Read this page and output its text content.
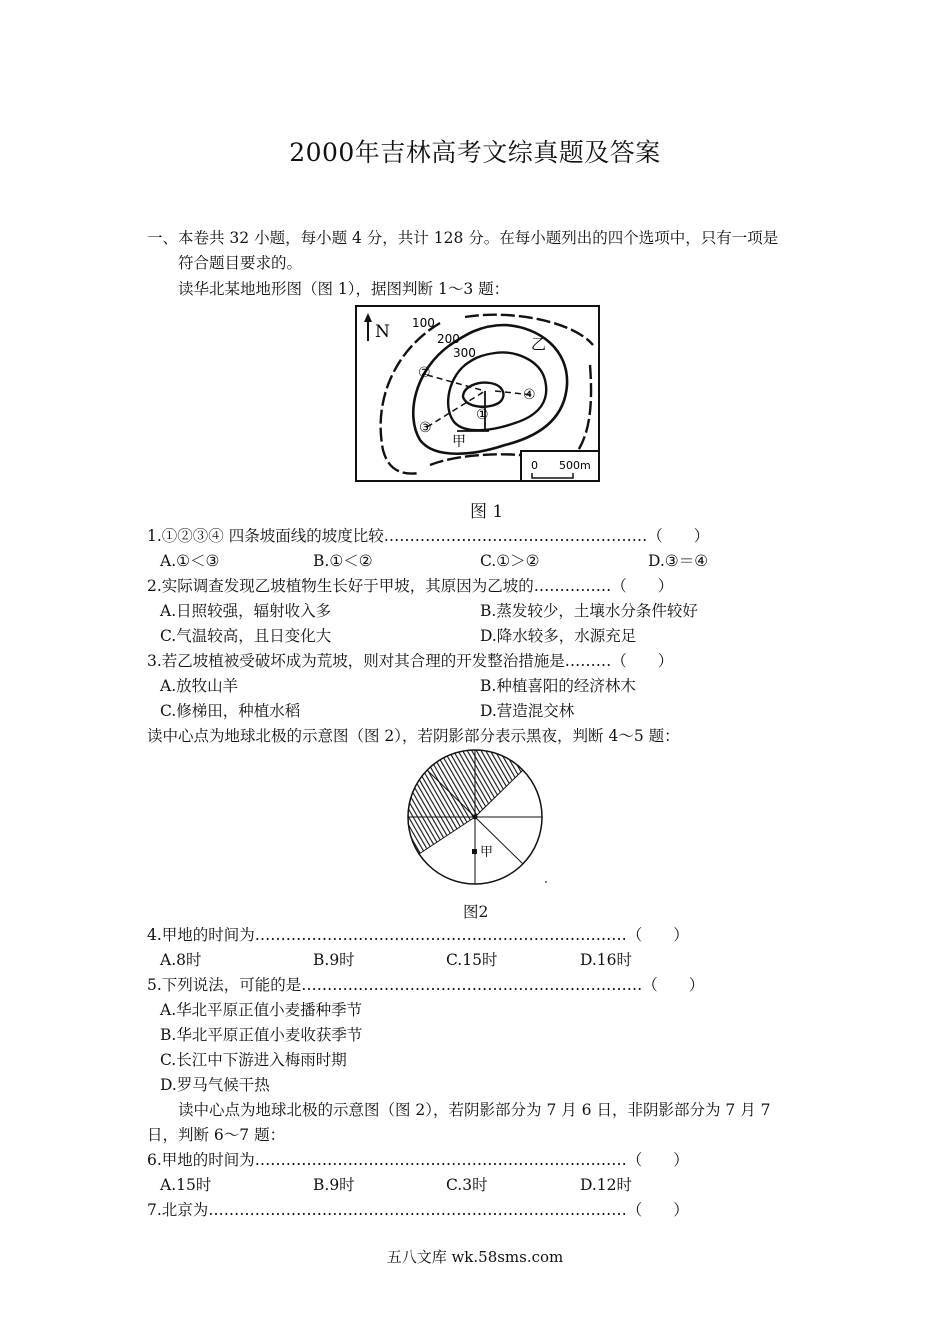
2000年吉林高考文综真题及答案
一、本卷共 32 小题，每小题 4 分，共计 128 分。在每小题列出的四个选项中，只有一项是
符合题目要求的。
读华北某地地形图（图 1），据图判断 1～3 题：
N 100
200
300	乙
甲
②
③
①
④
0 500m
图 1
1.①②③④ 四条坡面线的坡度比较……………………………………………（　　）
A.①＜③	B.①＜②	C.①＞②	D.③＝④
2.实际调查发现乙坡植物生长好于甲坡，其原因为乙坡的……………（　　）
A.日照较强，辐射收入多	B.蒸发较少，土壤水分条件较好
C.气温较高，且日变化大	D.降水较多，水源充足
3.若乙坡植被受破坏成为荒坡，则对其合理的开发整治措施是………（　　）
A.放牧山羊	B.种植喜阳的经济林木
C.修梯田，种植水稻	D.营造混交林
读中心点为地球北极的示意图（图 2），若阴影部分表示黑夜，判断 4～5 题：
甲
图2
4.甲地的时间为………………………………………………………………（　　）
A.8时	B.9时	C.15时	D.16时
5.下列说法，可能的是…………………………………………………………（　　）
A.华北平原正值小麦播种季节
B.华北平原正值小麦收获季节
C.长江中下游进入梅雨时期
D.罗马气候干热
读中心点为地球北极的示意图（图 2），若阴影部分为 7 月 6 日，非阴影部分为 7 月 7
日，判断 6～7 题：
6.甲地的时间为………………………………………………………………（　　）
A.15时	B.9时	C.3时	D.12时
7.北京为………………………………………………………………………（　　）
五八文库 wk.58sms.com
